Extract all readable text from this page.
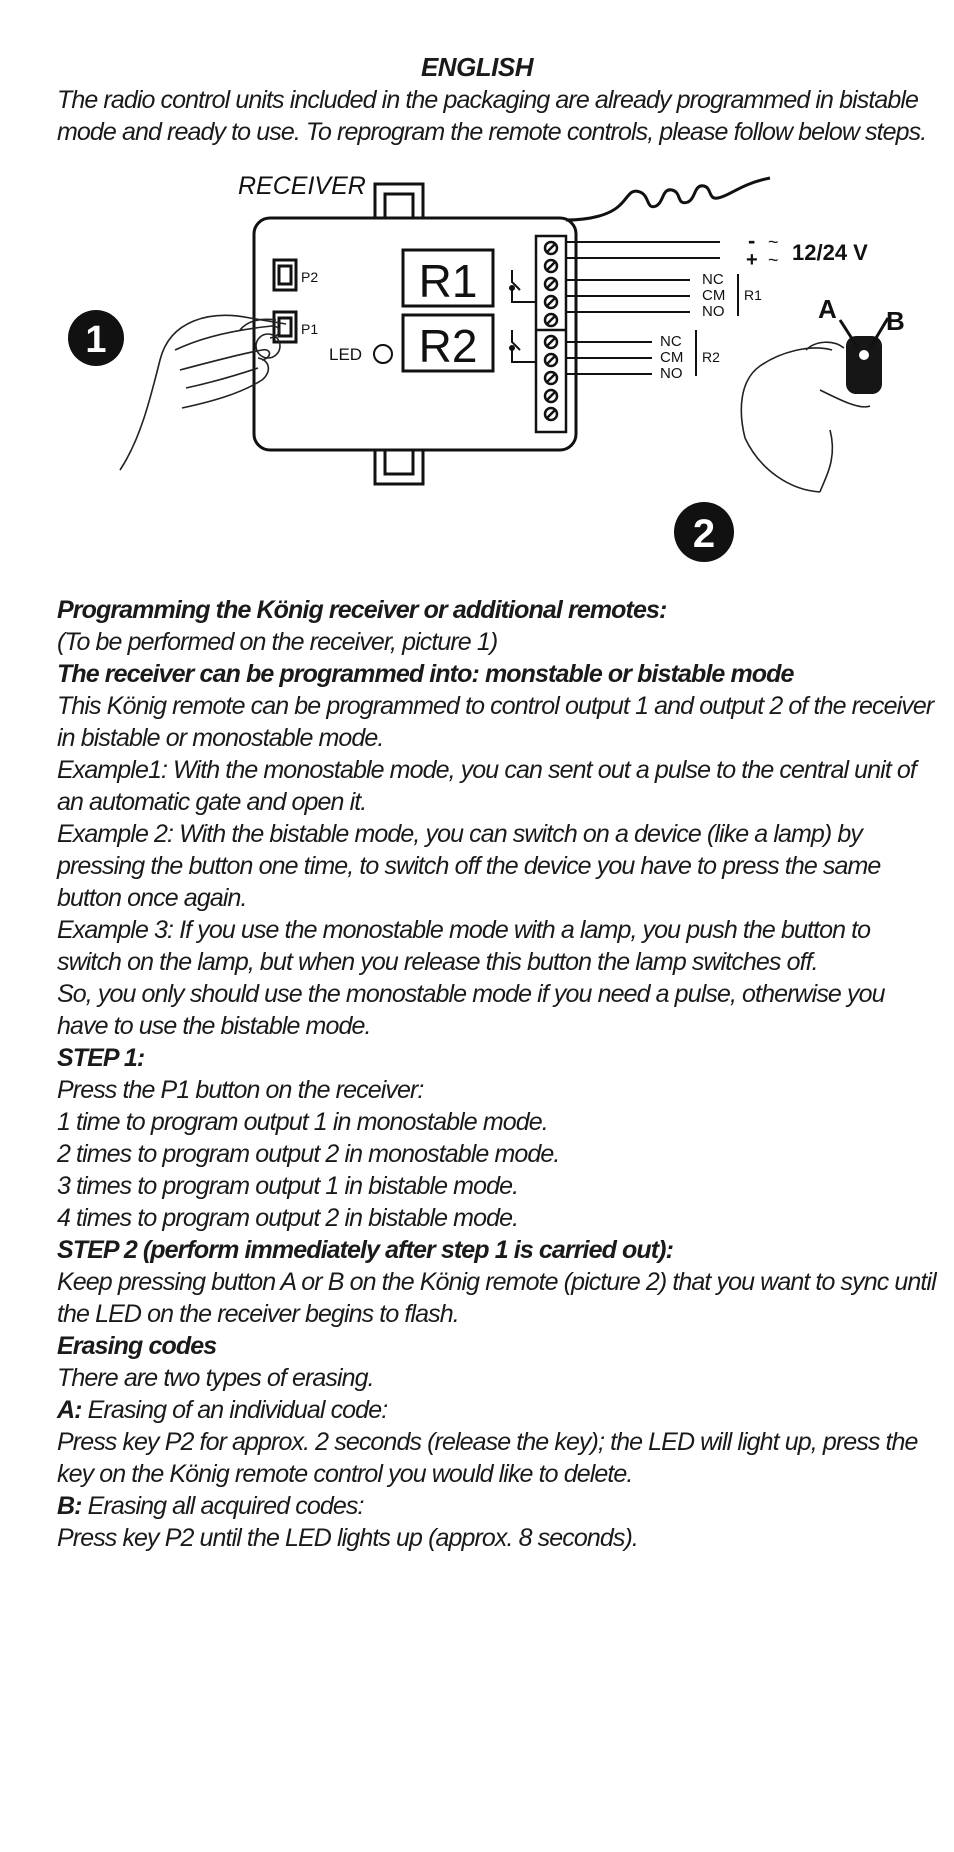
ENGLISH
The radio control units included in the packaging are already programmed in bistable mode and ready to use. To reprogram the remote controls, please follow below steps.
RECEIVER
P2
P1
R1
R2
LED
-
+
~
~ 12/24 V
NC
CM
NO
R1
NC
CM
NO
R2
1
A B
2

Programming the König receiver or additional remotes:

(To be performed on the receiver, picture 1)

The receiver can be programmed into: monstable or bistable mode

This König remote can be programmed to control output 1 and output 2 of the receiver in bistable or monostable mode.

Example1: With the monostable mode, you can sent out a pulse to the central unit of an automatic gate and open it.

Example 2: With the bistable mode, you can switch on a device (like a lamp) by pressing the button one time, to switch off the device you have to press the same button once again.

Example 3: If you use the monostable mode with a lamp, you push the button to switch on the lamp, but when you release this button the lamp switches off.

So, you only should use the monostable mode if you need a pulse, otherwise you have to use the bistable mode.

STEP 1:

Press the P1 button on the receiver:

1 time to program output 1 in monostable mode.

2 times to program output 2 in monostable mode.

3 times to program output 1 in bistable mode.

4 times to program output 2 in bistable mode.

STEP 2 (perform immediately after step 1 is carried out):

Keep pressing button A or B on the König remote (picture 2) that you want to sync until the LED on the receiver begins to flash.

Erasing codes

There are two types of erasing.

A: Erasing of an individual code:

Press key P2 for approx. 2 seconds (release the key); the LED will light up, press the key on the König remote control you would like to delete.

B: Erasing all acquired codes:

Press key P2 until the LED lights up (approx. 8 seconds).
